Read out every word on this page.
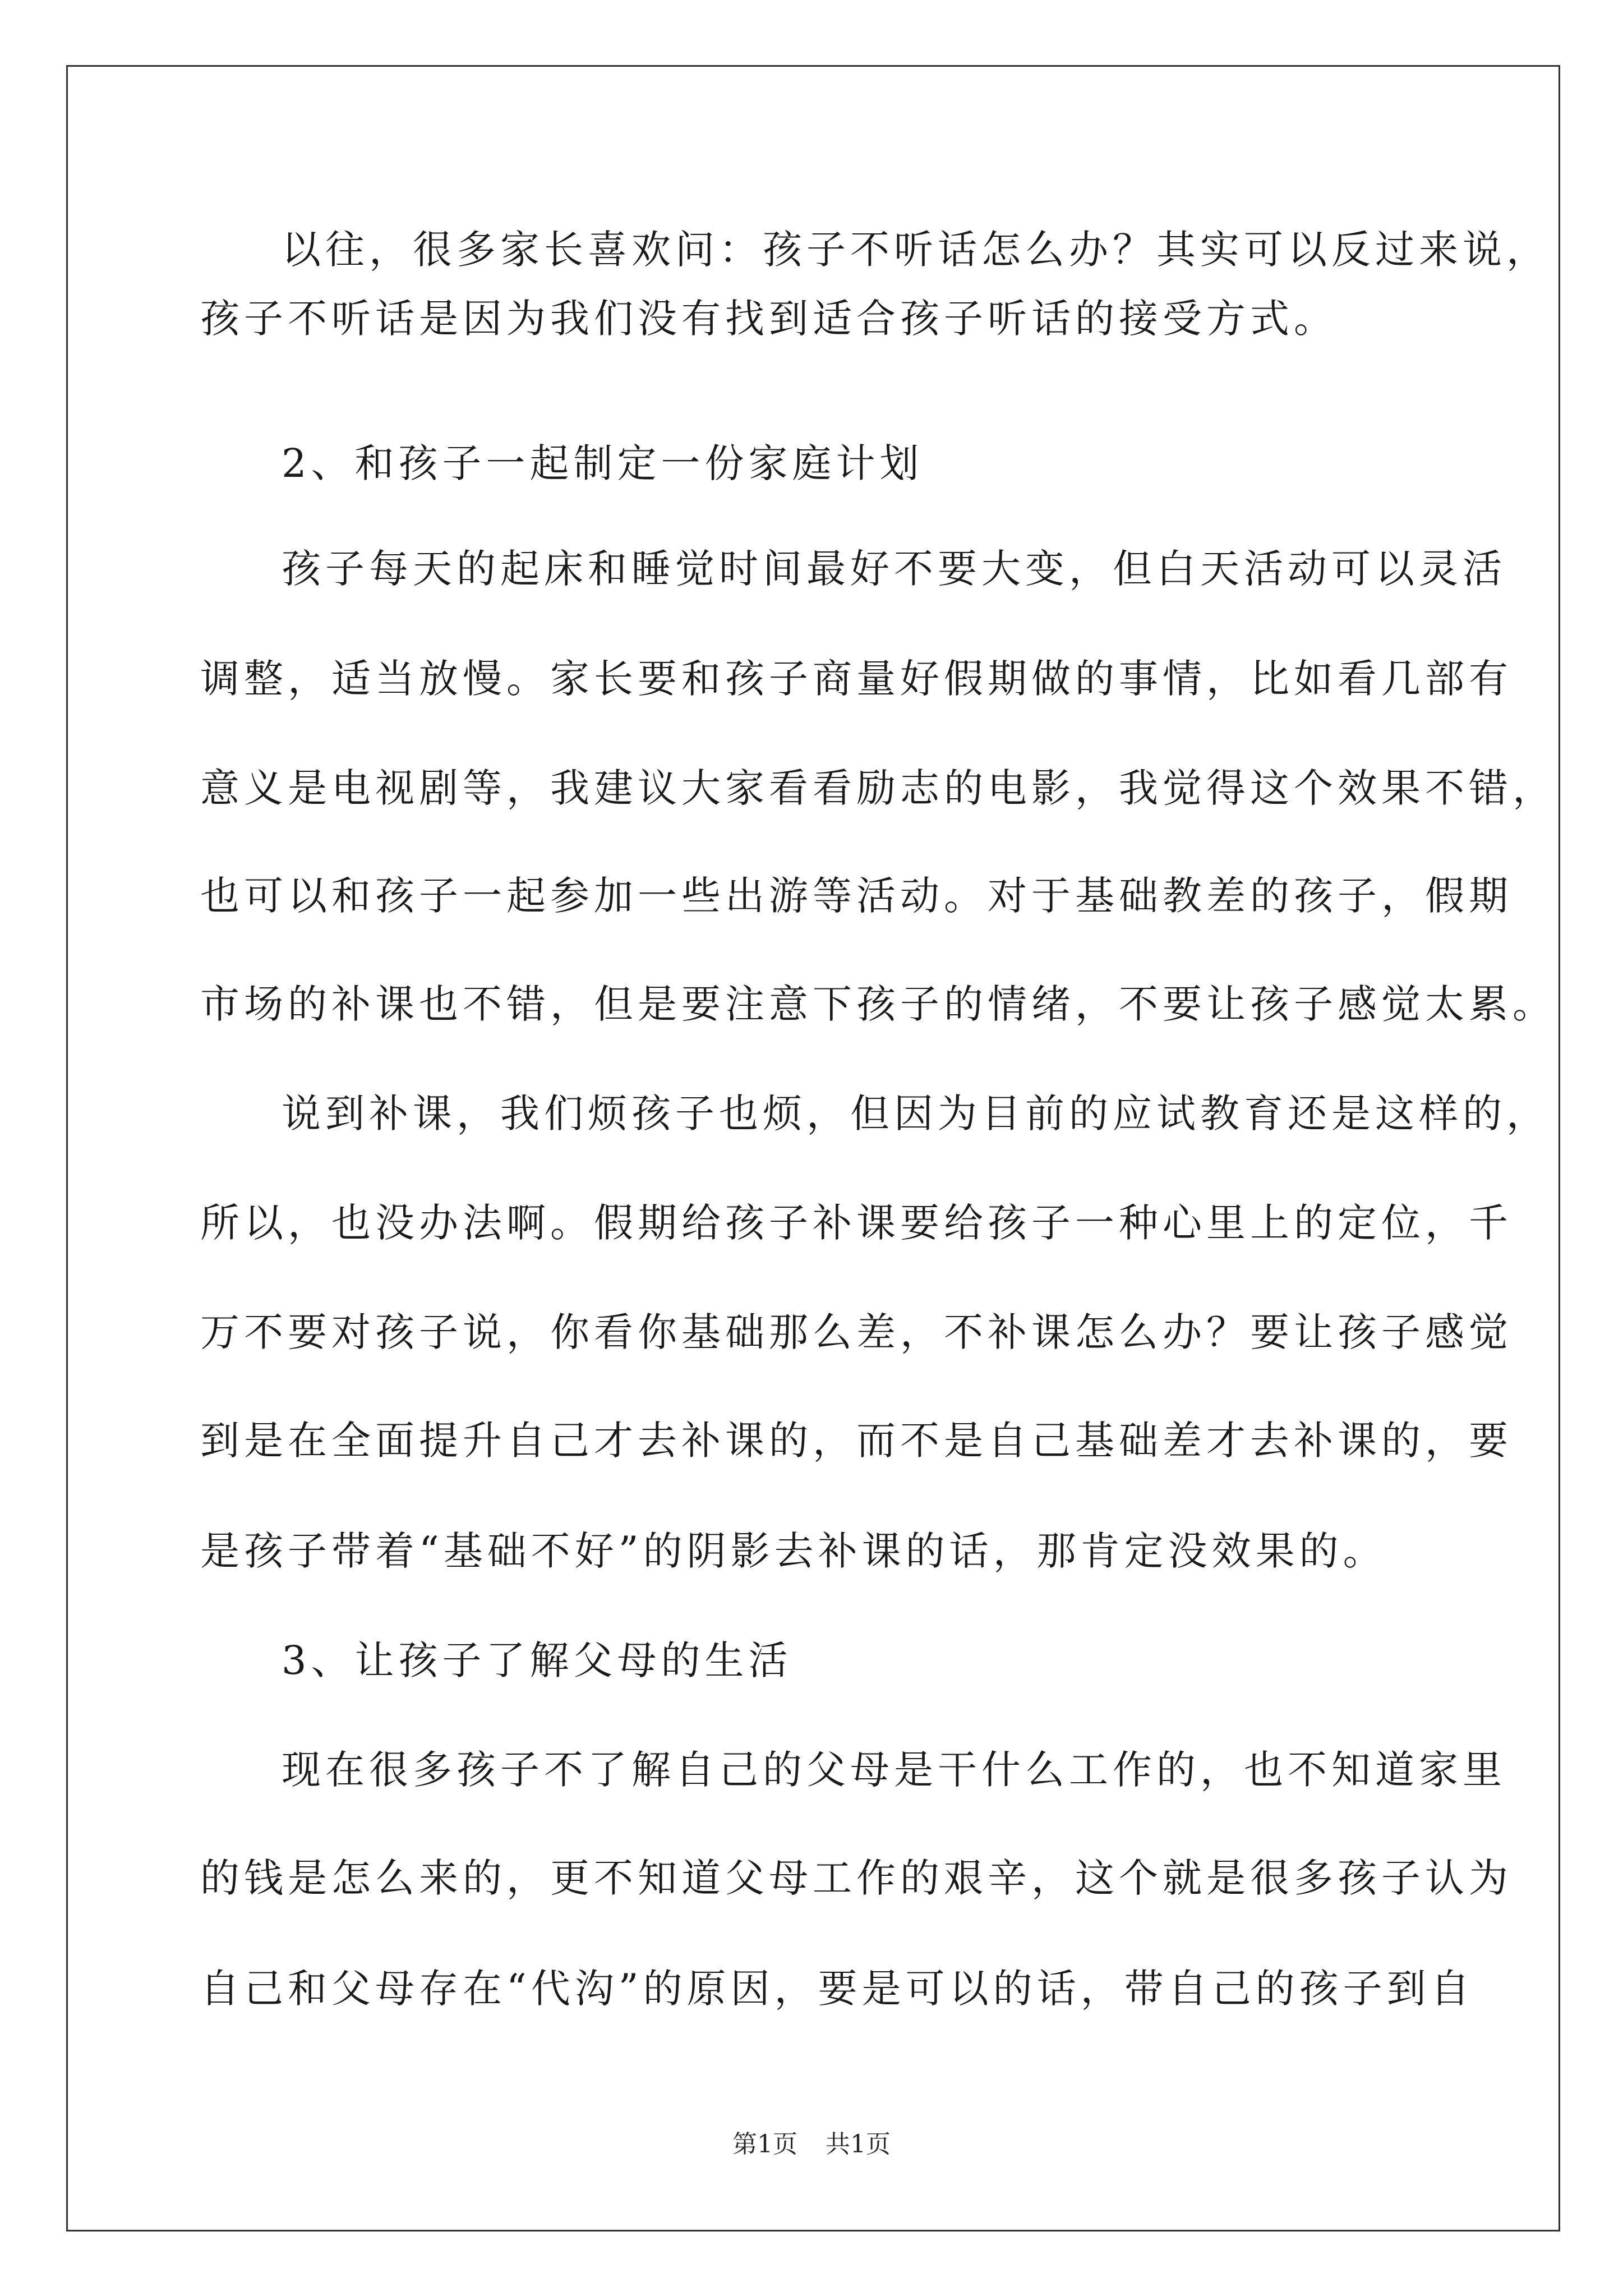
以往，很多家长喜欢问：孩子不听话怎么办？其实可以反过来说，
孩子不听话是因为我们没有找到适合孩子听话的接受方式。
2、和孩子一起制定一份家庭计划
孩子每天的起床和睡觉时间最好不要大变，但白天活动可以灵活
调整，适当放慢。家长要和孩子商量好假期做的事情，比如看几部有
意义是电视剧等，我建议大家看看励志的电影，我觉得这个效果不错，
也可以和孩子一起参加一些出游等活动。对于基础教差的孩子，假期
市场的补课也不错，但是要注意下孩子的情绪，不要让孩子感觉太累。
说到补课，我们烦孩子也烦，但因为目前的应试教育还是这样的，
所以，也没办法啊。假期给孩子补课要给孩子一种心里上的定位，千
万不要对孩子说，你看你基础那么差，不补课怎么办？要让孩子感觉
到是在全面提升自己才去补课的，而不是自己基础差才去补课的，要
是孩子带着“基础不好”的阴影去补课的话，那肯定没效果的。
3、让孩子了解父母的生活
现在很多孩子不了解自己的父母是干什么工作的，也不知道家里
的钱是怎么来的，更不知道父母工作的艰辛，这个就是很多孩子认为
自己和父母存在“代沟”的原因，要是可以的话，带自己的孩子到自
第1页 共1页
